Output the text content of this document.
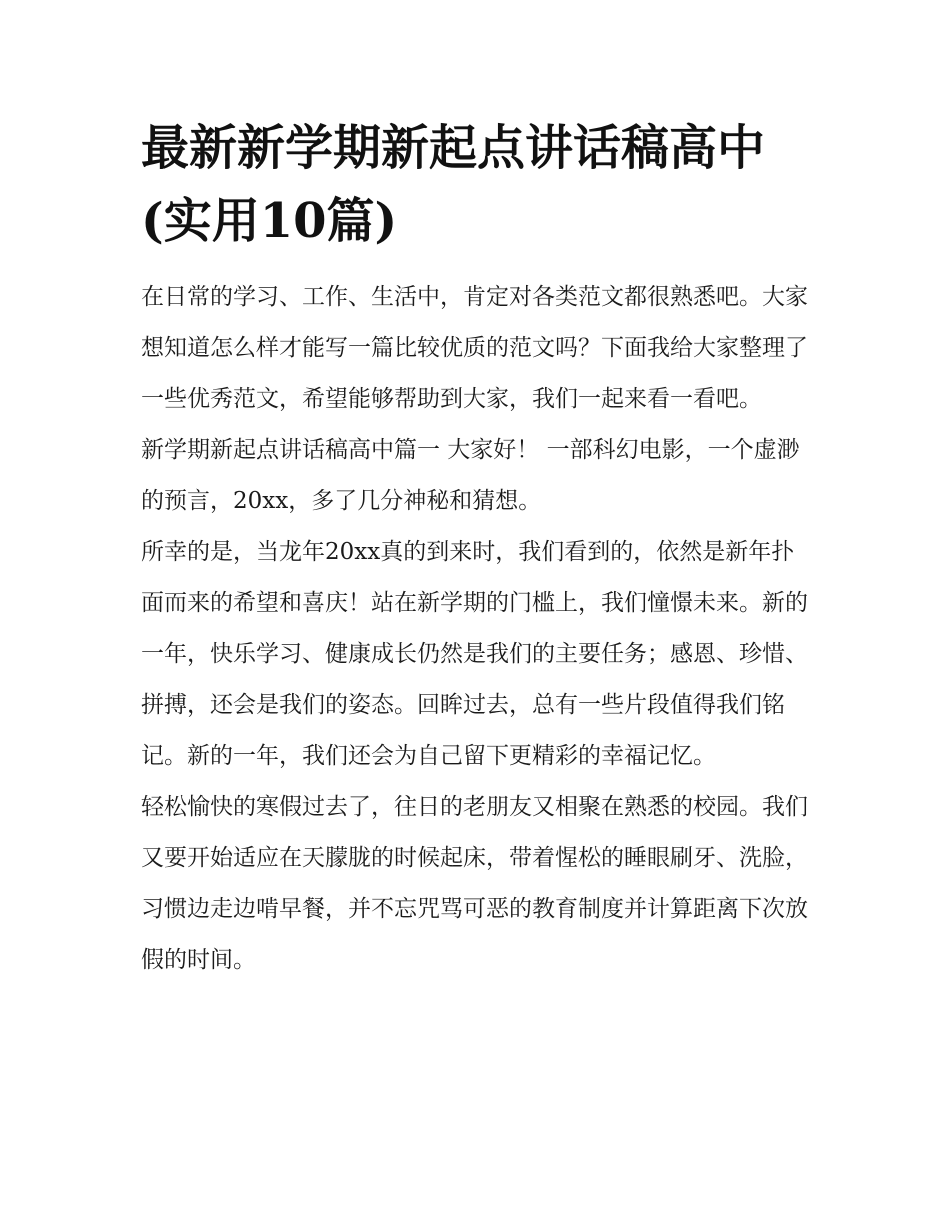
最新新学期新起点讲话稿高中(实用10篇)

在日常的学习、工作、生活中，肯定对各类范文都很熟悉吧。大家想知道怎么样才能写一篇比较优质的范文吗？下面我给大家整理了一些优秀范文，希望能够帮助到大家，我们一起来看一看吧。

新学期新起点讲话稿高中篇一 大家好！ 一部科幻电影，一个虚渺的预言，20xx，多了几分神秘和猜想。

所幸的是，当龙年20xx真的到来时，我们看到的，依然是新年扑面而来的希望和喜庆！站在新学期的门槛上，我们憧憬未来。新的一年，快乐学习、健康成长仍然是我们的主要任务；感恩、珍惜、拼搏，还会是我们的姿态。回眸过去，总有一些片段值得我们铭记。新的一年，我们还会为自己留下更精彩的幸福记忆。

轻松愉快的寒假过去了，往日的老朋友又相聚在熟悉的校园。我们又要开始适应在天朦胧的时候起床，带着惺松的睡眼刷牙、洗脸，习惯边走边啃早餐，并不忘咒骂可恶的教育制度并计算距离下次放假的时间。
